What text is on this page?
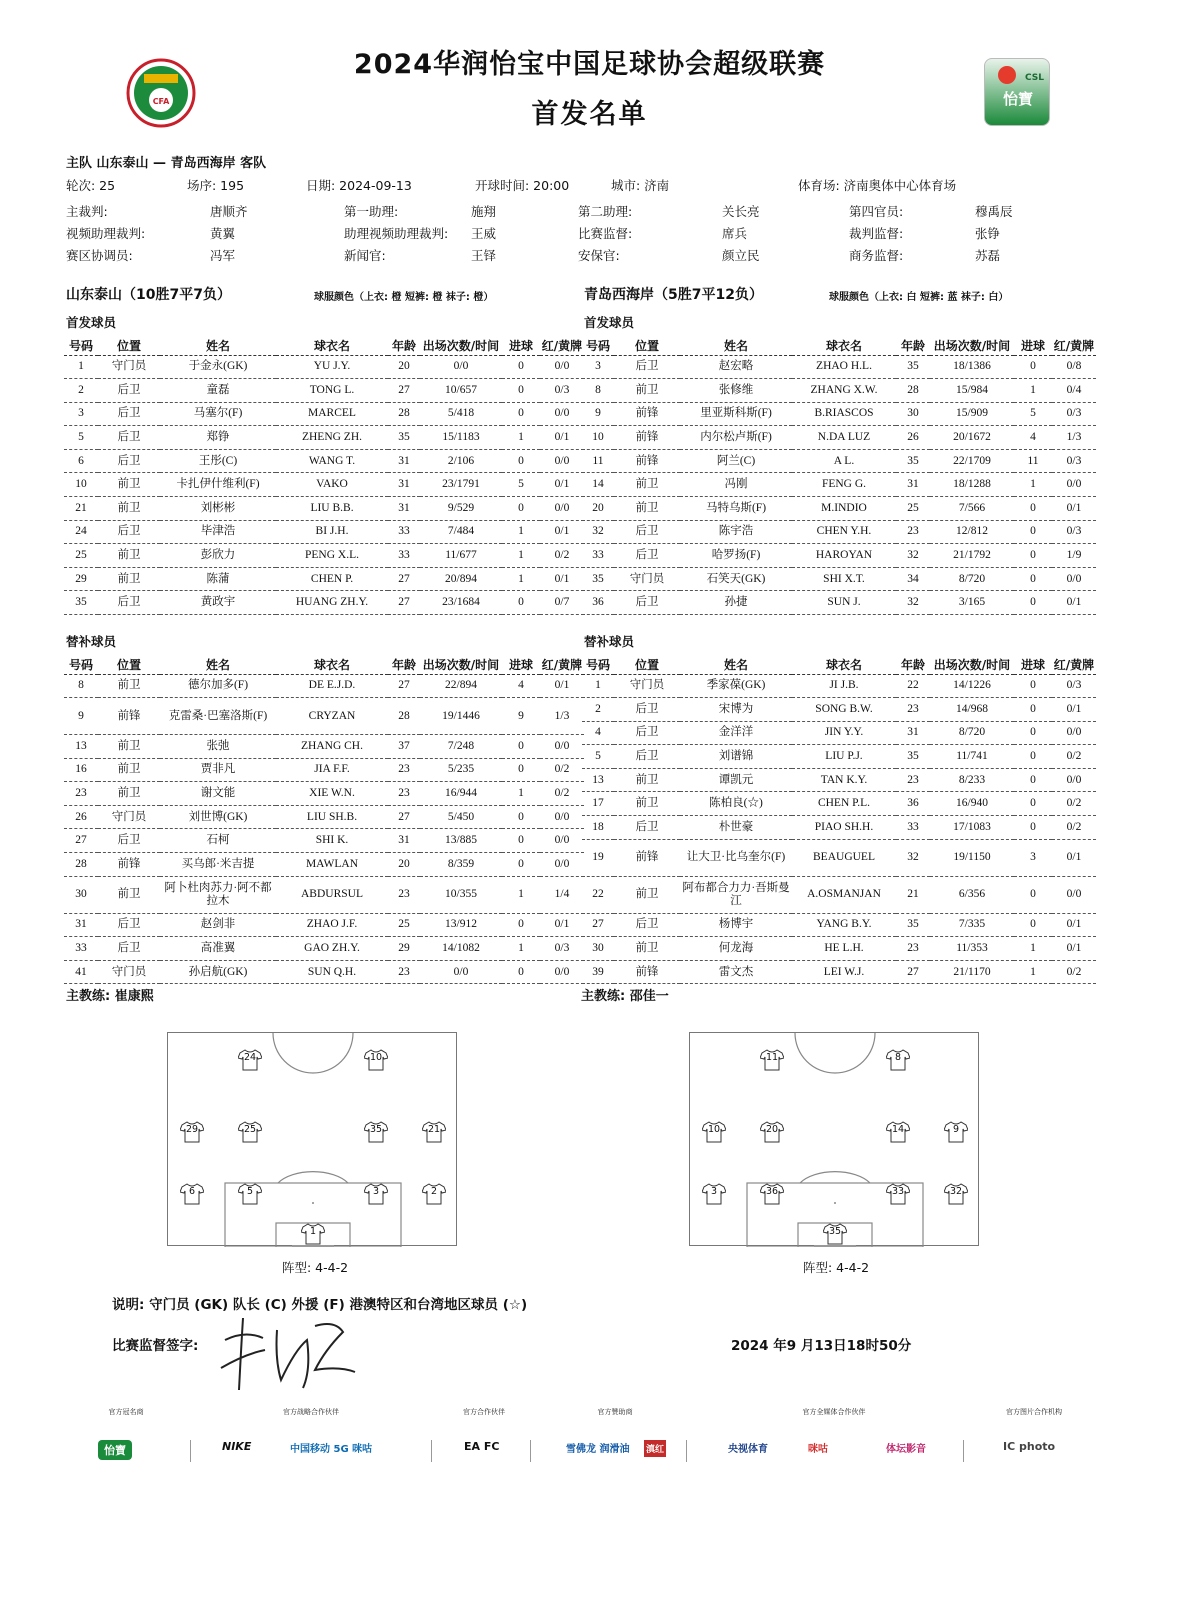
CFA
2024华润怡宝中国足球协会超级联赛
首发名单
CSL
怡寶
主队 山东泰山 — 青岛西海岸 客队
轮次: 25	场序: 195	日期: 2024-09-13	开球时间: 20:00	城市: 济南	体育场: 济南奥体中心体育场
主裁判:	唐顺齐	第一助理:	施翔	第二助理:	关长亮	第四官员:	穆禹辰
视频助理裁判:	黄翼	助理视频助理裁判: 王威	比赛监督:	席兵	裁判监督:	张铮
赛区协调员:	冯军	新闻官:	王铎	安保官:	颜立民	商务监督:	苏磊
山东泰山（10胜7平7负）	球服颜色（上衣: 橙 短裤: 橙 袜子: 橙）	青岛西海岸（5胜7平12负）	球服颜色（上衣: 白 短裤: 蓝 袜子: 白）
首发球员	首发球员
号码	位置	姓名	球衣名	年龄	出场次数/时间	进球	红/黄牌
1	守门员	于金永(GK)	YU J.Y.	20	0/0	0	0/0
2	后卫	童磊	TONG L.	27	10/657	0	0/3
3	后卫	马塞尔(F)	MARCEL	28	5/418	0	0/0
5	后卫	郑铮	ZHENG ZH.	35	15/1183	1	0/1
6	后卫	王彤(C)	WANG T.	31	2/106	0	0/0
10	前卫	卡扎伊什维利(F)	VAKO	31	23/1791	5	0/1
21	前卫	刘彬彬	LIU B.B.	31	9/529	0	0/0
24	后卫	毕津浩	BI J.H.	33	7/484	1	0/1
25	前卫	彭欣力	PENG X.L.	33	11/677	1	0/2
29	前卫	陈蒲	CHEN P.	27	20/894	1	0/1
35	后卫	黄政宇	HUANG ZH.Y.	27	23/1684	0	0/7
号码	位置	姓名	球衣名	年龄	出场次数/时间	进球	红/黄牌
3	后卫	赵宏略	ZHAO H.L.	35	18/1386	0	0/8
8	前卫	张修维	ZHANG X.W.	28	15/984	1	0/4
9	前锋	里亚斯科斯(F)	B.RIASCOS	30	15/909	5	0/3
10	前锋	内尔松卢斯(F)	N.DA LUZ	26	20/1672	4	1/3
11	前锋	阿兰(C)	A L.	35	22/1709	11	0/3
14	前卫	冯刚	FENG G.	31	18/1288	1	0/0
20	前卫	马特乌斯(F)	M.INDIO	25	7/566	0	0/1
32	后卫	陈宇浩	CHEN Y.H.	23	12/812	0	0/3
33	后卫	哈罗扬(F)	HAROYAN	32	21/1792	0	1/9
35	守门员	石笑天(GK)	SHI X.T.	34	8/720	0	0/0
36	后卫	孙捷	SUN J.	32	3/165	0	0/1
替补球员	替补球员
号码	位置	姓名	球衣名	年龄	出场次数/时间	进球	红/黄牌
8	前卫	德尔加多(F)	DE E.J.D.	27	22/894	4	0/1
9	前锋	克雷桑·巴塞洛斯(F)	CRYZAN	28	19/1446	9	1/3
13	前卫	张弛	ZHANG CH.	37	7/248	0	0/0
16	前卫	贾非凡	JIA F.F.	23	5/235	0	0/2
23	前卫	谢文能	XIE W.N.	23	16/944	1	0/2
26	守门员	刘世博(GK)	LIU SH.B.	27	5/450	0	0/0
27	后卫	石柯	SHI K.	31	13/885	0	0/0
28	前锋	买乌郎·米吉提	MAWLAN	20	8/359	0	0/0
30	前卫	阿卜杜肉苏力·阿不都拉木	ABDURSUL	23	10/355	1	1/4
31	后卫	赵剑非	ZHAO J.F.	25	13/912	0	0/1
33	后卫	高准翼	GAO ZH.Y.	29	14/1082	1	0/3
41	守门员	孙启航(GK)	SUN Q.H.	23	0/0	0	0/0
号码	位置	姓名	球衣名	年龄	出场次数/时间	进球	红/黄牌
1	守门员	季家葆(GK)	JI J.B.	22	14/1226	0	0/3
2	后卫	宋博为	SONG B.W.	23	14/968	0	0/1
4	后卫	金洋洋	JIN Y.Y.	31	8/720	0	0/0
5	后卫	刘谱锦	LIU P.J.	35	11/741	0	0/2
13	前卫	谭凯元	TAN K.Y.	23	8/233	0	0/0
17	前卫	陈柏良(☆)	CHEN P.L.	36	16/940	0	0/2
18	后卫	朴世豪	PIAO SH.H.	33	17/1083	0	0/2
19	前锋	让大卫·比乌奎尔(F)	BEAUGUEL	32	19/1150	3	0/1
22	前卫	阿布都合力力·吾斯曼江	A.OSMANJAN	21	6/356	0	0/0
27	后卫	杨博宇	YANG B.Y.	35	7/335	0	0/1
30	前卫	何龙海	HE L.H.	23	11/353	1	0/1
39	前锋	雷文杰	LEI W.J.	27	21/1170	1	0/2
主教练: 崔康熙	主教练: 邵佳一
24	10
29	25	35	21
6	5	3	2
1
11	8
10	20	14	9
3	36	33	32
35
阵型: 4-4-2	阵型: 4-4-2
说明: 守门员 (GK) 队长 (C) 外援 (F) 港澳特区和台湾地区球员 (☆)
比赛监督签字:	2024 年9 月13日18时50分
官方冠名商	官方战略合作伙伴	官方合作伙伴	官方赞助商	官方全媒体合作伙伴	官方图片合作机构
怡寶	NIKE	中国移动 5G 咪咕	EA FC	雪佛龙 润滑油 滇红	央视体育	咪咕	体坛影音	IC photo
